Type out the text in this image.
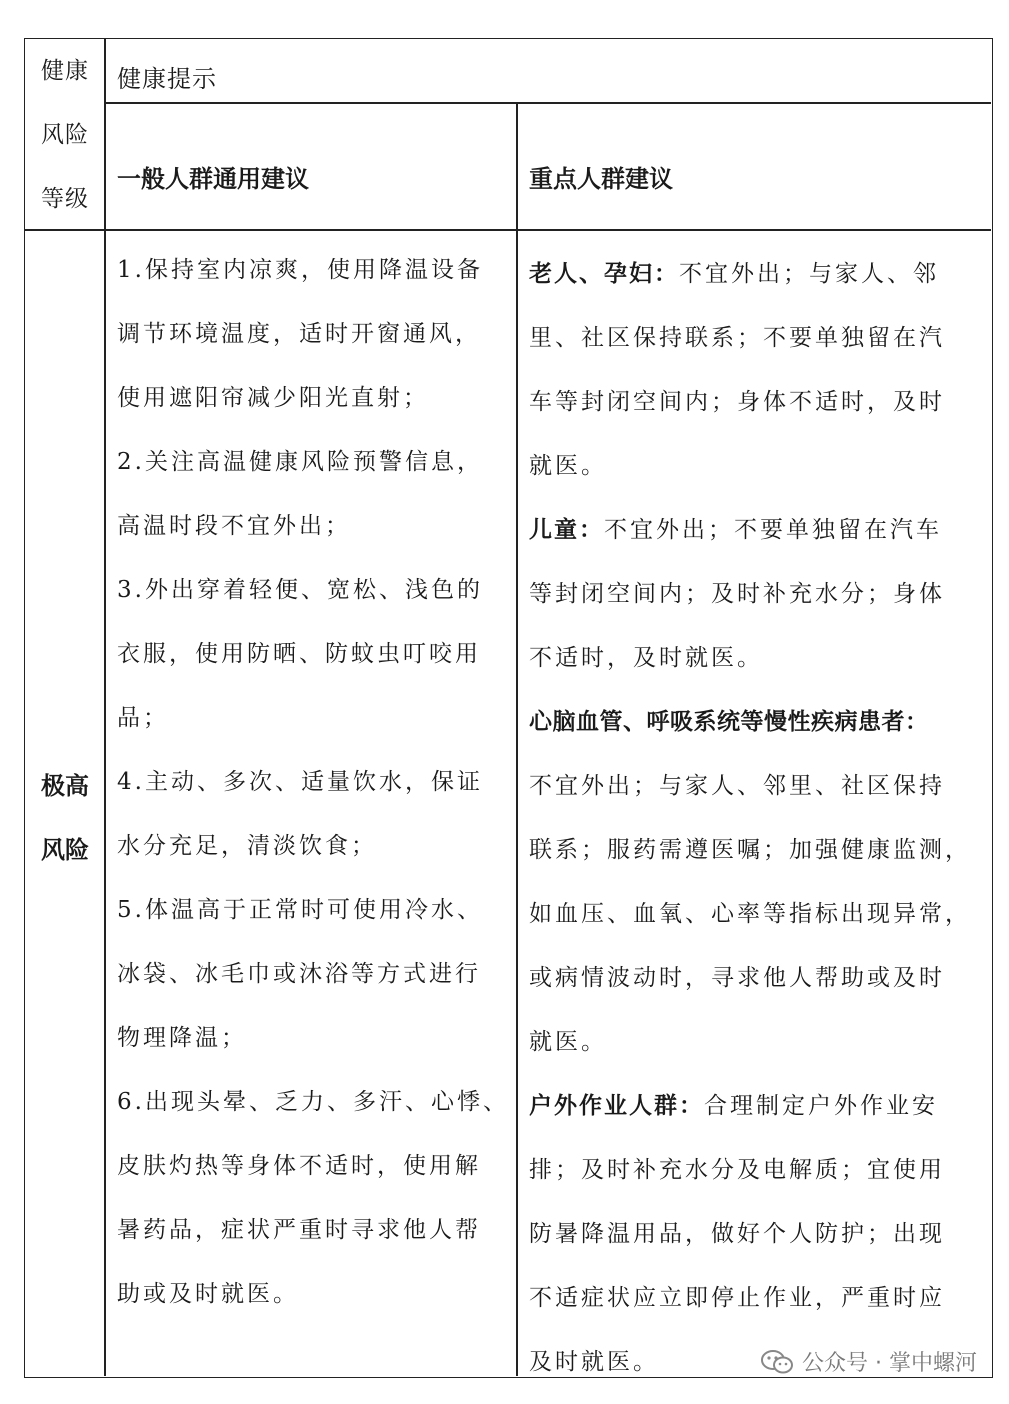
健康
风险
等级
健康提示
一般人群通用建议	重点人群建议
极高
风险

1.保持室内凉爽，使用降温设备

调节环境温度，适时开窗通风，

使用遮阳帘减少阳光直射；

2.关注高温健康风险预警信息，

高温时段不宜外出；

3.外出穿着轻便、宽松、浅色的

衣服，使用防晒、防蚊虫叮咬用

品；

4.主动、多次、适量饮水，保证

水分充足，清淡饮食；

5.体温高于正常时可使用冷水、

冰袋、冰毛巾或沐浴等方式进行

物理降温；

6.出现头晕、乏力、多汗、心悸、

皮肤灼热等身体不适时，使用解

暑药品，症状严重时寻求他人帮

助或及时就医。

老人、孕妇：不宜外出；与家人、邻

里、社区保持联系；不要单独留在汽

车等封闭空间内；身体不适时，及时

就医。

儿童：不宜外出；不要单独留在汽车

等封闭空间内；及时补充水分；身体

不适时，及时就医。

心脑血管、呼吸系统等慢性疾病患者：

不宜外出；与家人、邻里、社区保持

联系；服药需遵医嘱；加强健康监测，

如血压、血氧、心率等指标出现异常，

或病情波动时，寻求他人帮助或及时

就医。

户外作业人群：合理制定户外作业安

排；及时补充水分及电解质；宜使用

防暑降温用品，做好个人防护；出现

不适症状应立即停止作业，严重时应

及时就医。	公众号 · 掌中螺河
